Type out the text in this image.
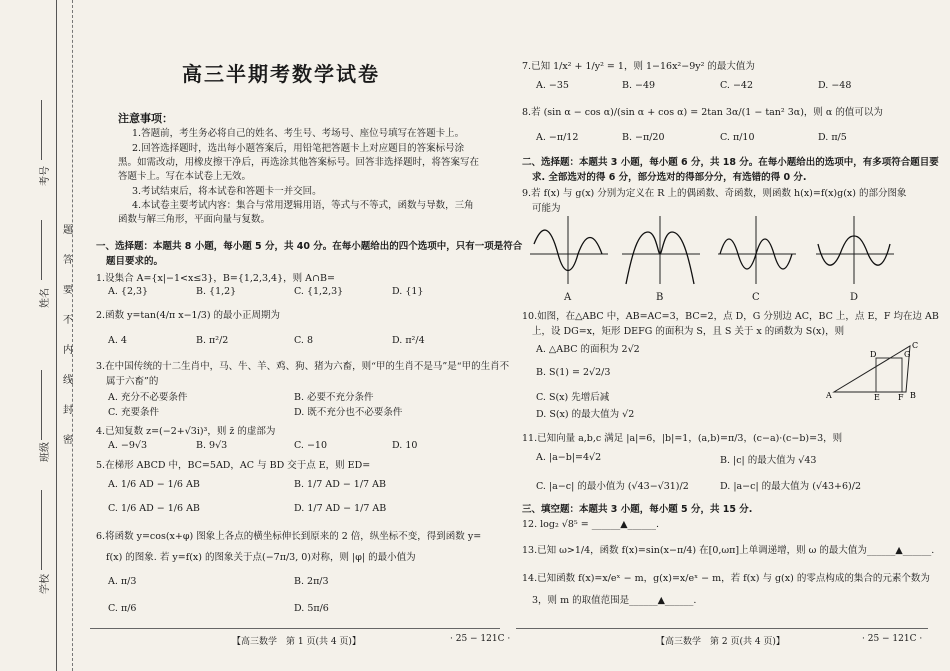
考号
姓名
班级
学校
题
答
要
不
内
线
封
密
高三半期考数学试卷
注意事项：
1.答题前，考生务必将自己的姓名、考生号、考场号、座位号填写在答题卡上。
2.回答选择题时，选出每小题答案后，用铅笔把答题卡上对应题目的答案标号涂
黑。如需改动，用橡皮擦干净后，再选涂其他答案标号。回答非选择题时，将答案写在
答题卡上。写在本试卷上无效。
3.考试结束后，将本试卷和答题卡一并交回。
4.本试卷主要考试内容：集合与常用逻辑用语，等式与不等式，函数与导数，三角
函数与解三角形，平面向量与复数。
一、选择题：本题共 8 小题，每小题 5 分，共 40 分。在每小题给出的四个选项中，只有一项是符合
题目要求的。
1.设集合 A={x|−1<x≤3}，B={1,2,3,4}，则 A∩B=
A. {2,3}	B. {1,2}	C. {1,2,3}	D. {1}
2.函数 y=tan(4/π x−1/3) 的最小正周期为
A. 4	B. π²/2	C. 8	D. π²/4
3.在中国传统的十二生肖中，马、牛、羊、鸡、狗、猪为六畜，则“甲的生肖不是马”是“甲的生肖不
属于六畜”的
A. 充分不必要条件	B. 必要不充分条件
C. 充要条件	D. 既不充分也不必要条件
4.已知复数 z=(−2+√3i)³，则 z̄ 的虚部为
A. −9√3	B. 9√3	C. −10	D. 10
5.在梯形 ABCD 中，BC=5AD，AC 与 BD 交于点 E，则 ED=
A. 1/6 AD − 1/6 AB	B. 1/7 AD − 1/7 AB
C. 1/6 AD − 1/6 AB	D. 1/7 AD − 1/7 AB
6.将函数 y=cos(x+φ) 图象上各点的横坐标伸长到原来的 2 倍，纵坐标不变，得到函数 y=
f(x) 的图象. 若 y=f(x) 的图象关于点(−7π/3, 0)对称，则 |φ| 的最小值为
A. π/3	B. 2π/3
C. π/6	D. 5π/6
【高三数学　第 1 页(共 4 页)】	· 25 − 121C ·
7.已知 1/x² + 1/y² = 1，则 1−16x²−9y² 的最大值为
A. −35	B. −49	C. −42	D. −48
8.若 (sin α − cos α)/(sin α + cos α) = 2tan 3α/(1 − tan² 3α)，则 α 的值可以为
A. −π/12	B. −π/20	C. π/10	D. π/5
二、选择题：本题共 3 小题，每小题 6 分，共 18 分。在每小题给出的选项中，有多项符合题目要
求. 全部选对的得 6 分，部分选对的得部分分，有选错的得 0 分.
9.若 f(x) 与 g(x) 分别为定义在 R 上的偶函数、奇函数，则函数 h(x)=f(x)g(x) 的部分图象
可能为
A	B	C	D
10.如图，在△ABC 中，AB=AC=3，BC=2，点 D，G 分别边 AC，BC 上，点 E，F 均在边 AB
上，设 DG=x，矩形 DEFG 的面积为 S，且 S 关于 x 的函数为 S(x)，则
A. △ABC 的面积为 2√2
B. S(1) = 2√2/3
C. S(x) 先增后减
D. S(x) 的最大值为 √2
D	G
A	E F B
C
11.已知向量 a,b,c 满足 |a|=6，|b|=1，(a,b)=π/3，(c−a)·(c−b)=3，则
A. |a−b|=4√2	B. |c| 的最大值为 √43
C. |a−c| 的最小值为 (√43−√31)/2	D. |a−c| 的最大值为 (√43+6)/2
三、填空题：本题共 3 小题，每小题 5 分，共 15 分.
12. log₂ √8⁵ = ______▲______.
13.已知 ω>1/4，函数 f(x)=sin(x−π/4) 在[0,ωπ]上单调递增，则 ω 的最大值为______▲______.
14.已知函数 f(x)=x/eˣ − m，g(x)=x/eˣ − m，若 f(x) 与 g(x) 的零点构成的集合的元素个数为
3，则 m 的取值范围是______▲______.
【高三数学　第 2 页(共 4 页)】	· 25 − 121C ·
